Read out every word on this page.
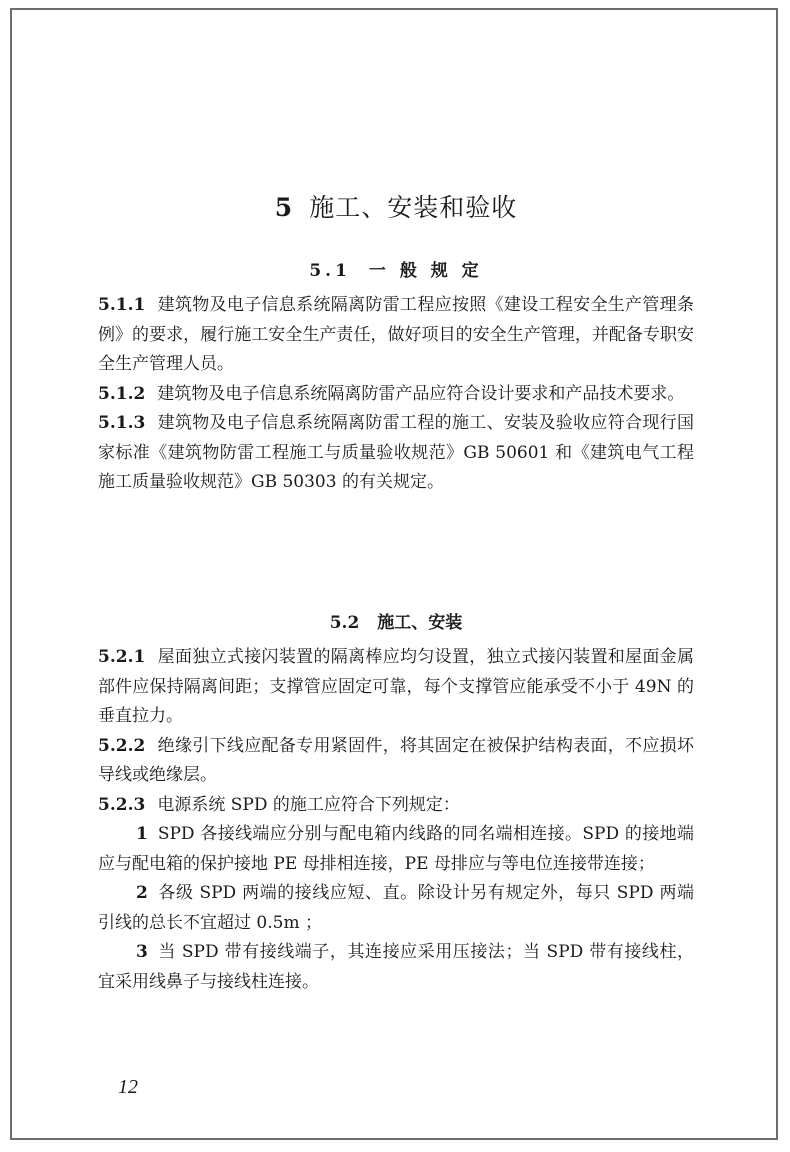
5 施工、安装和验收
5.1 一 般 规 定

5.1.1 建筑物及电子信息系统隔离防雷工程应按照《建设工程安全生产管理条例》的要求，履行施工安全生产责任，做好项目的安全生产管理，并配备专职安全生产管理人员。

5.1.2 建筑物及电子信息系统隔离防雷产品应符合设计要求和产品技术要求。

5.1.3 建筑物及电子信息系统隔离防雷工程的施工、安装及验收应符合现行国家标准《建筑物防雷工程施工与质量验收规范》GB 50601 和《建筑电气工程施工质量验收规范》GB 50303 的有关规定。

5.2 施工、安装

5.2.1 屋面独立式接闪装置的隔离棒应均匀设置，独立式接闪装置和屋面金属部件应保持隔离间距；支撑管应固定可靠，每个支撑管应能承受不小于 49N 的垂直拉力。

5.2.2 绝缘引下线应配备专用紧固件，将其固定在被保护结构表面，不应损坏导线或绝缘层。

5.2.3 电源系统 SPD 的施工应符合下列规定：

1 SPD 各接线端应分别与配电箱内线路的同名端相连接。SPD 的接地端应与配电箱的保护接地 PE 母排相连接，PE 母排应与等电位连接带连接；

2 各级 SPD 两端的接线应短、直。除设计另有规定外，每只 SPD 两端引线的总长不宜超过 0.5m ；

3 当 SPD 带有接线端子，其连接应采用压接法；当 SPD 带有接线柱，宜采用线鼻子与接线柱连接。

12
